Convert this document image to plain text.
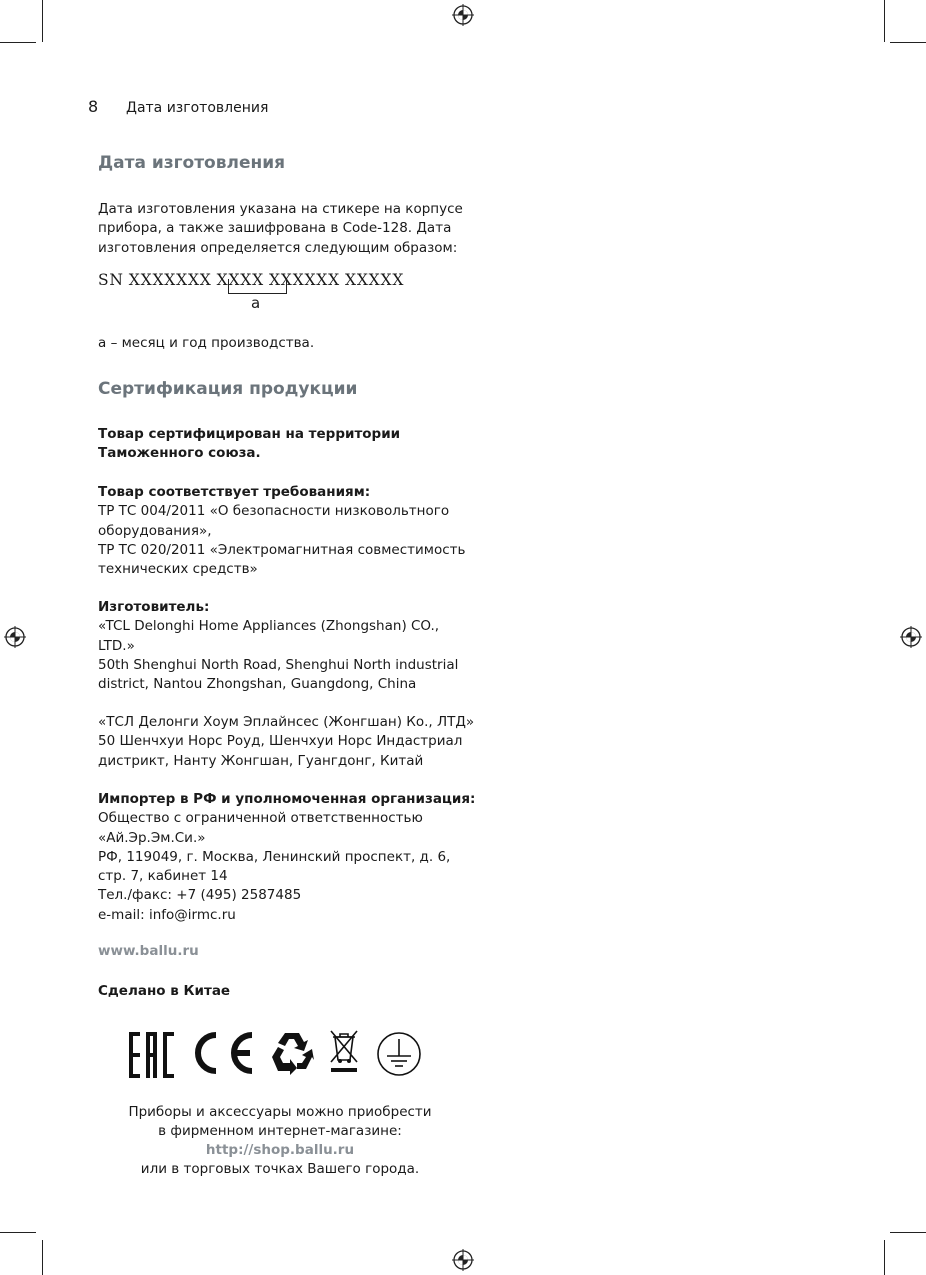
8 Дата изготовления
Дата изготовления
Дата изготовления указана на стикере на корпусе
прибора, а также зашифрована в Code-128. Дата
изготовления определяется следующим образом:
SN XXXXXXX XXXX XXXXXX XXXXX
а
а – месяц и год производства.
Сертификация продукции
Товар сертифицирован на территории
Таможенного союза.
Товар соответствует требованиям:
ТР ТС 004/2011 «О безопасности низковольтного
оборудования»,
ТР ТС 020/2011 «Электромагнитная совместимость
технических средств»
Изготовитель:
«TCL Delonghi Home Appliances (Zhongshan) CO.,
LTD.»
50th Shenghui North Road, Shenghui North industrial
district, Nantou Zhongshan, Guangdong, China
«ТСЛ Делонги Хоум Эплайнсес (Жонгшан) Ко., ЛТД»
50 Шенчхуи Норс Роуд, Шенчхуи Норс Индастриал
дистрикт, Нанту Жонгшан, Гуангдонг, Китай
Импортер в РФ и уполномоченная организация:
Общество с ограниченной ответственностью
«Ай.Эр.Эм.Си.»
РФ, 119049, г. Москва, Ленинский проспект, д. 6,
стр. 7, кабинет 14
Тел./факс: +7 (495) 2587485
e-mail: info@irmc.ru
www.ballu.ru
Сделано в Китае
Приборы и аксессуары можно приобрести
в фирменном интернет-магазине:
http://shop.ballu.ru
или в торговых точках Вашего города.
